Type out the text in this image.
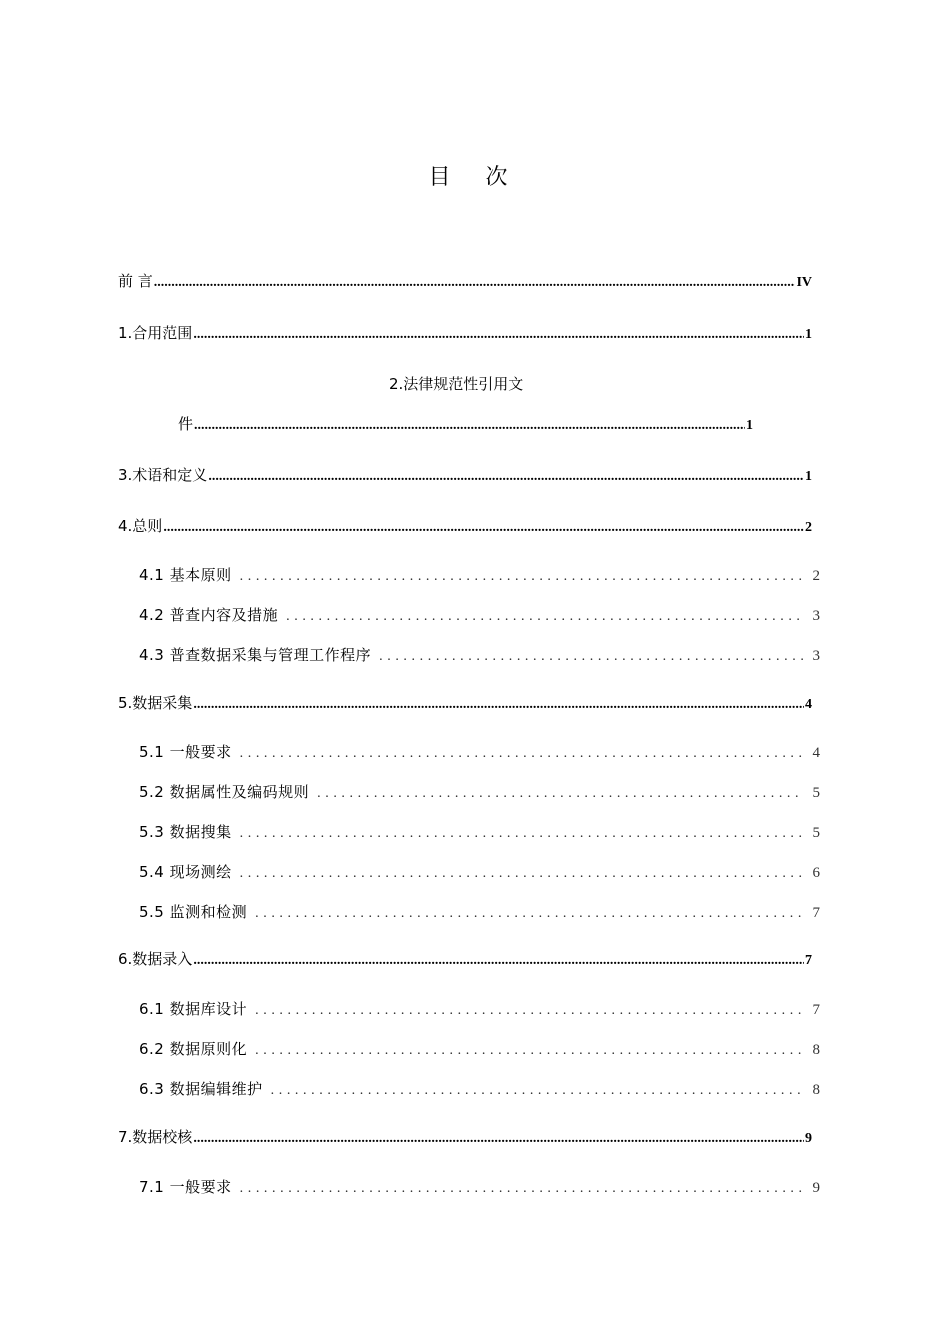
目 次
前 言 .....	IV
1.合用范围 .....	1
2.法律规范性引用文
件 .....	1
3.术语和定义 .....	1
4.总则 .....	2
4.1 基本原则 .....	2
4.2 普查内容及措施 .....	3
4.3 普查数据采集与管理工作程序 .....	3
5.数据采集 .....	4
5.1 一般要求 .....	4
5.2 数据属性及编码规则 .....	5
5.3 数据搜集 .....	5
5.4 现场测绘 .....	6
5.5 监测和检测 .....	7
6.数据录入 .....	7
6.1 数据库设计 .....	7
6.2 数据原则化 .....	8
6.3 数据编辑维护 .....	8
7.数据校核 .....	9
7.1 一般要求 .....	9
